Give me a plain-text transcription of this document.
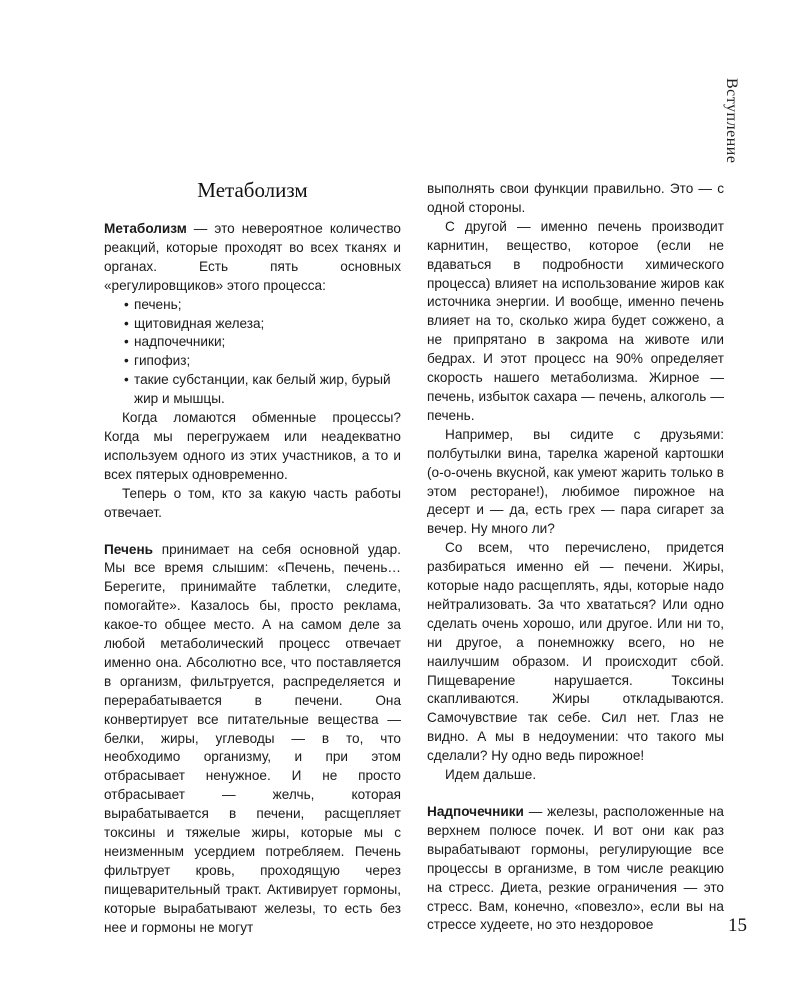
Вступление
Метаболизм

Метаболизм — это невероятное количество реакций, которые проходят во всех тканях и органах. Есть пять основных «регулировщиков» этого процесса:

• печень;
• щитовидная железа;
• надпочечники;
• гипофиз;
• такие субстанции, как белый жир, бурый жир и мышцы.

Когда ломаются обменные процессы? Когда мы перегружаем или неадекватно используем одного из этих участников, а то и всех пятерых одновременно.

Теперь о том, кто за какую часть работы отвечает.

Печень принимает на себя основной удар. Мы все время слышим: «Печень, печень… Берегите, принимайте таблетки, следите, помогайте». Казалось бы, просто реклама, какое-то общее место. А на самом деле за любой метаболический процесс отвечает именно она. Абсолютно все, что поставляется в организм, фильтруется, распределяется и перерабатывается в печени. Она конвертирует все питательные вещества — белки, жиры, углеводы — в то, что необходимо организму, и при этом отбрасывает ненужное. И не просто отбрасывает — желчь, которая вырабатывается в печени, расщепляет токсины и тяжелые жиры, которые мы с неизменным усердием потребляем. Печень фильтрует кровь, проходящую через пищеварительный тракт. Активирует гормоны, которые вырабатывают железы, то есть без нее и гормоны не могут

выполнять свои функции правильно. Это — с одной стороны.

С другой — именно печень производит карнитин, вещество, которое (если не вдаваться в подробности химического процесса) влияет на использование жиров как источника энергии. И вообще, именно печень влияет на то, сколько жира будет сожжено, а не припрятано в закрома на животе или бедрах. И этот процесс на 90% определяет скорость нашего метаболизма. Жирное — печень, избыток сахара — печень, алкоголь — печень.

Например, вы сидите с друзьями: полбутылки вина, тарелка жареной картошки (о-о-очень вкусной, как умеют жарить только в этом ресторане!), любимое пирожное на десерт и — да, есть грех — пара сигарет за вечер. Ну много ли?

Со всем, что перечислено, придется разбираться именно ей — печени. Жиры, которые надо расщеплять, яды, которые надо нейтрализовать. За что хвататься? Или одно сделать очень хорошо, или другое. Или ни то, ни другое, а понемножку всего, но не наилучшим образом. И происходит сбой. Пищеварение нарушается. Токсины скапливаются. Жиры откладываются. Самочувствие так себе. Сил нет. Глаз не видно. А мы в недоумении: что такого мы сделали? Ну одно ведь пирожное!

Идем дальше.

Надпочечники — железы, расположенные на верхнем полюсе почек. И вот они как раз вырабатывают гормоны, регулирующие все процессы в организме, в том числе реакцию на стресс. Диета, резкие ограничения — это стресс. Вам, конечно, «повезло», если вы на стрессе худеете, но это нездоровое	15
